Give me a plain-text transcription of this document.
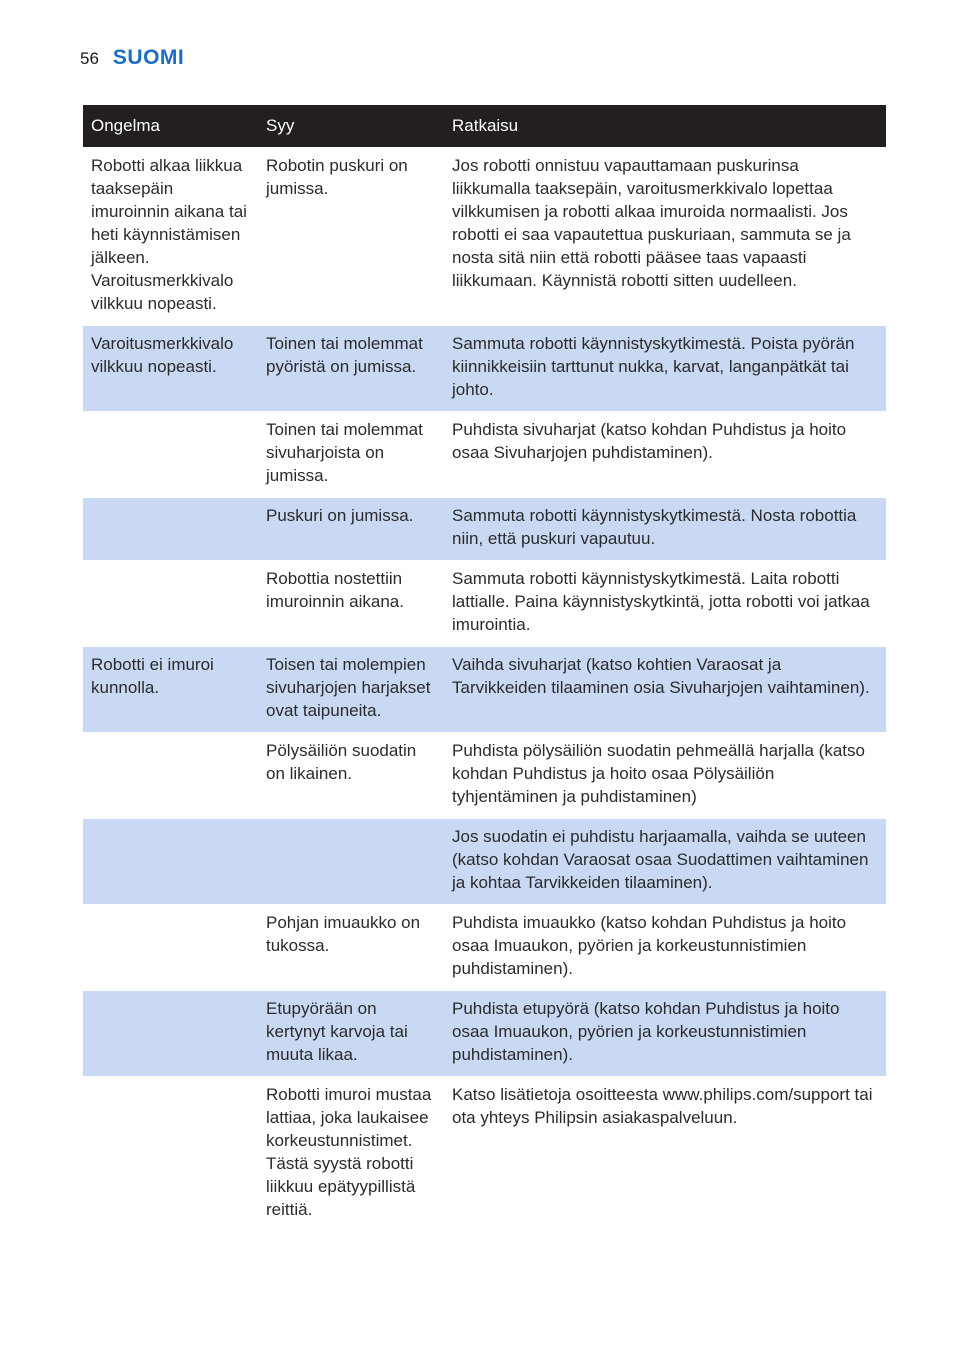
56 SUOMI
Ongelma	Syy	Ratkaisu
Robotti alkaa liikkua taaksepäin imuroinnin aikana tai heti käynnistämisen jälkeen. Varoitusmerkkivalo vilkkuu nopeasti.	Robotin puskuri on jumissa.	Jos robotti onnistuu vapauttamaan puskurinsa liikkumalla taaksepäin, varoitusmerkkivalo lopettaa vilkkumisen ja robotti alkaa imuroida normaalisti. Jos robotti ei saa vapautettua puskuriaan, sammuta se ja nosta sitä niin että robotti pääsee taas vapaasti liikkumaan. Käynnistä robotti sitten uudelleen.
Varoitusmerkkivalo vilkkuu nopeasti.	Toinen tai molemmat pyöristä on jumissa.	Sammuta robotti käynnistyskytkimestä. Poista pyörän kiinnikkeisiin tarttunut nukka, karvat, langanpätkät tai johto.
	Toinen tai molemmat sivuharjoista on jumissa.	Puhdista sivuharjat (katso kohdan Puhdistus ja hoito osaa Sivuharjojen puhdistaminen).
	Puskuri on jumissa.	Sammuta robotti käynnistyskytkimestä. Nosta robottia niin, että puskuri vapautuu.
	Robottia nostettiin imuroinnin aikana.	Sammuta robotti käynnistyskytkimestä. Laita robotti lattialle. Paina käynnistyskytkintä, jotta robotti voi jatkaa imurointia.
Robotti ei imuroi kunnolla.	Toisen tai molempien sivuharjojen harjakset ovat taipuneita.	Vaihda sivuharjat (katso kohtien Varaosat ja Tarvikkeiden tilaaminen osia Sivuharjojen vaihtaminen).
	Pölysäiliön suodatin on likainen.	Puhdista pölysäiliön suodatin pehmeällä harjalla (katso kohdan Puhdistus ja hoito osaa Pölysäiliön tyhjentäminen ja puhdistaminen)
		Jos suodatin ei puhdistu harjaamalla, vaihda se uuteen (katso kohdan Varaosat osaa Suodattimen vaihtaminen ja kohtaa Tarvikkeiden tilaaminen).
	Pohjan imuaukko on tukossa.	Puhdista imuaukko (katso kohdan Puhdistus ja hoito osaa Imuaukon, pyörien ja korkeustunnistimien puhdistaminen).
	Etupyörään on kertynyt karvoja tai muuta likaa.	Puhdista etupyörä (katso kohdan Puhdistus ja hoito osaa Imuaukon, pyörien ja korkeustunnistimien puhdistaminen).
	Robotti imuroi mustaa lattiaa, joka laukaisee korkeustunnistimet. Tästä syystä robotti liikkuu epätyypillistä reittiä.	Katso lisätietoja osoitteesta www.philips.com/support tai ota yhteys Philipsin asiakaspalveluun.
